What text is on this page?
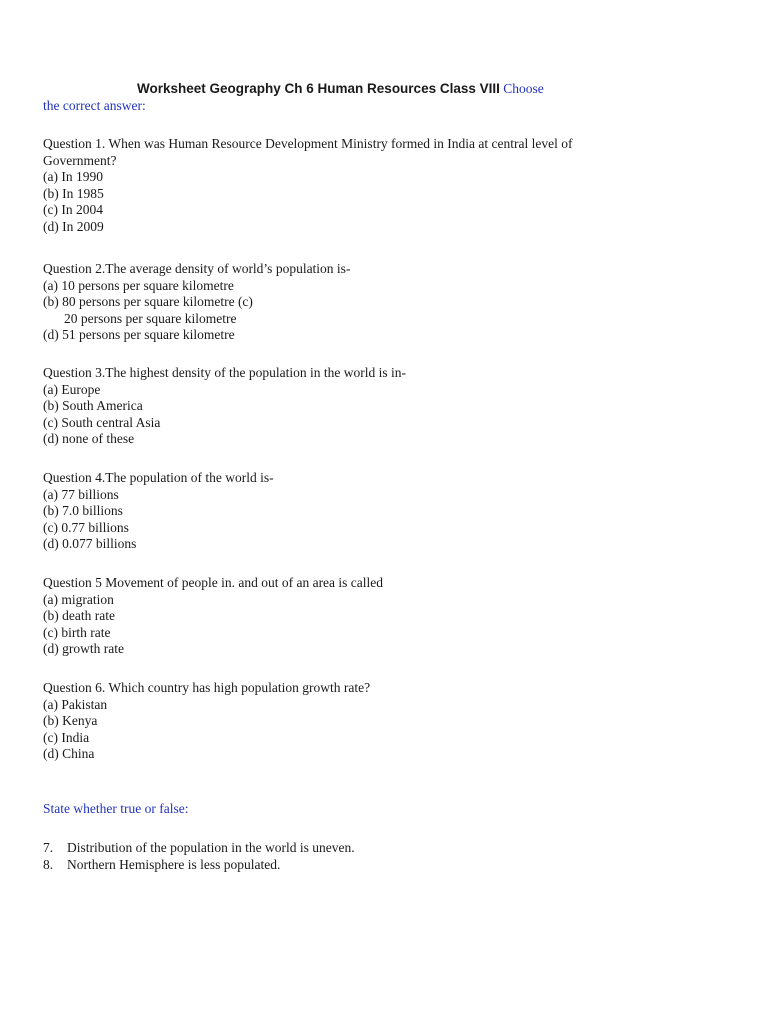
Worksheet Geography Ch 6 Human Resources Class VIII Choose
the correct answer:
Question 1. When was Human Resource Development Ministry formed in India at central level of
Government?
(a) In 1990
(b) In 1985
(c) In 2004
(d) In 2009
Question 2.The average density of world’s population is-
(a) 10 persons per square kilometre
(b) 80 persons per square kilometre (c)
20 persons per square kilometre
(d) 51 persons per square kilometre
Question 3.The highest density of the population in the world is in-
(a) Europe
(b) South America
(c) South central Asia
(d) none of these
Question 4.The population of the world is-
(a) 77 billions
(b) 7.0 billions
(c) 0.77 billions
(d) 0.077 billions
Question 5 Movement of people in. and out of an area is called
(a) migration
(b) death rate
(c) birth rate
(d) growth rate
Question 6. Which country has high population growth rate?
(a) Pakistan
(b) Kenya
(c) India
(d) China
State whether true or false:
7. Distribution of the population in the world is uneven.
8. Northern Hemisphere is less populated.
